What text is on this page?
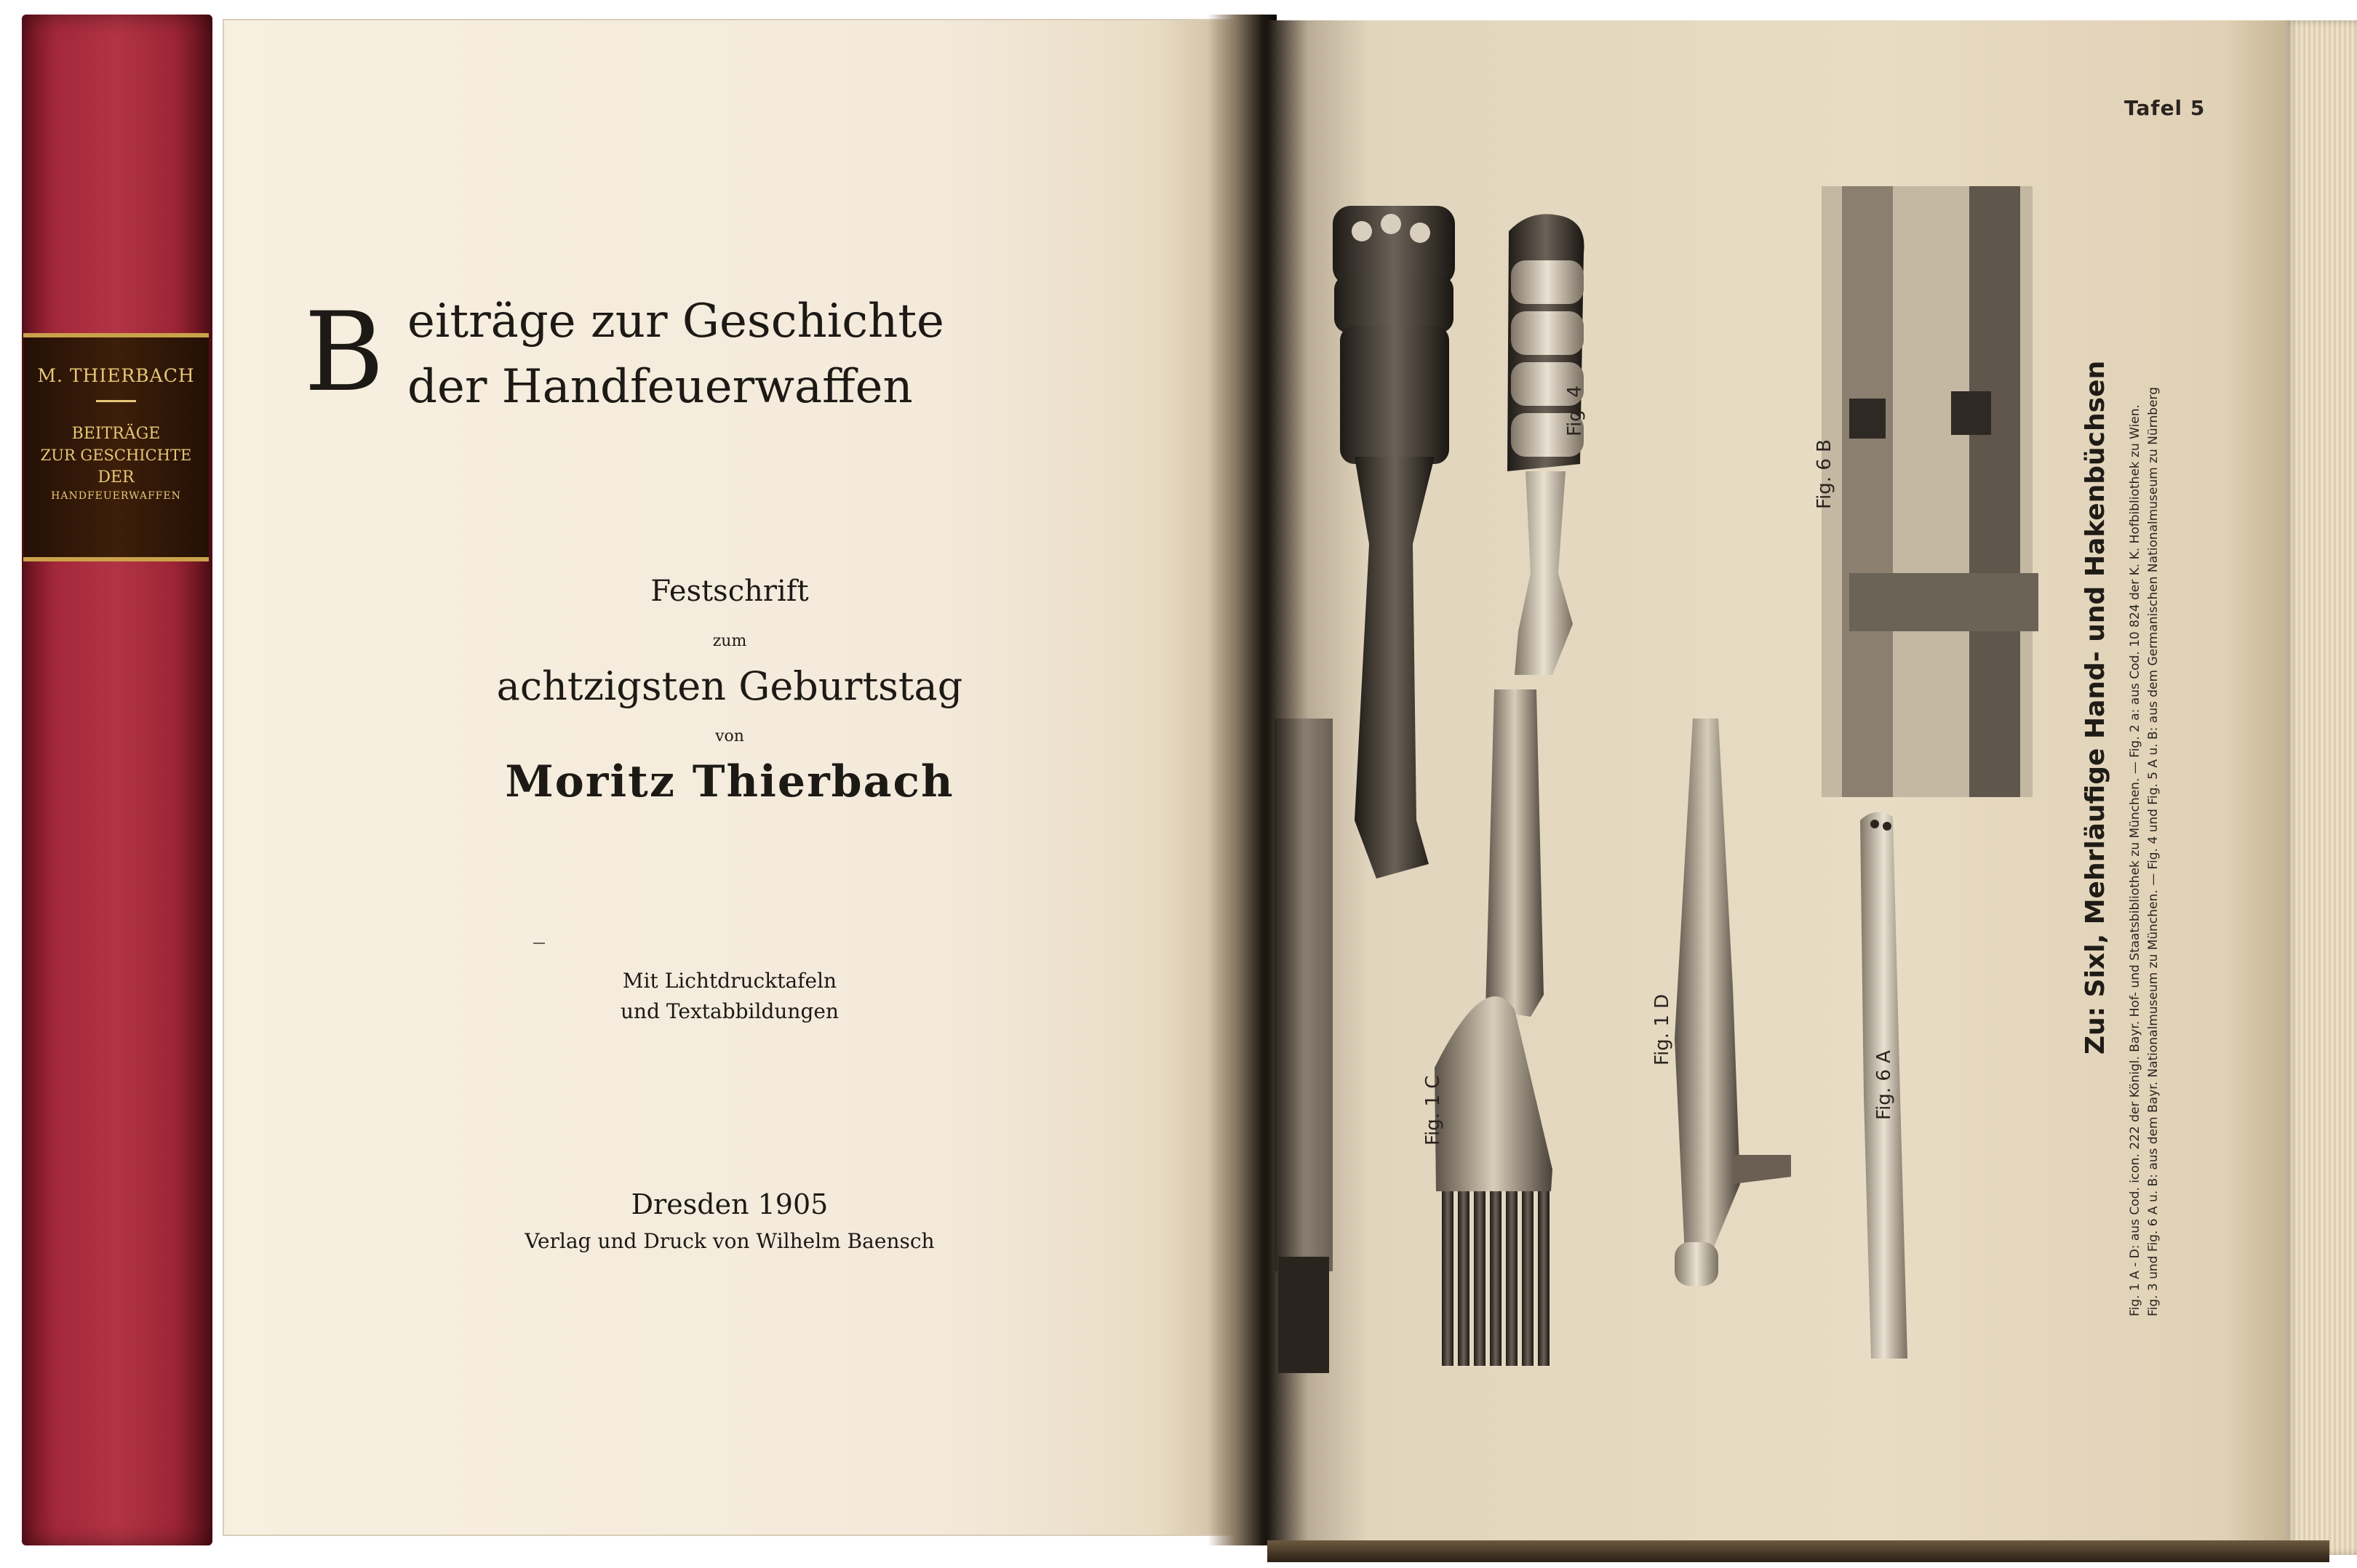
M. THIERBACH
BEITRÄGE
ZUR GESCHICHTE
DER
HANDFEUERWAFFEN
B eiträge zur Geschichte
der Handfeuerwaffen
Festschrift
zum
achtzigsten Geburtstag
von
Moritz Thierbach
Mit Lichtdrucktafeln
und Textabbildungen
Dresden 1905
Verlag und Druck von Wilhelm Baensch
Tafel 5
Fig. 1 C
Fig. 1 D
Fig. 4
Fig. 6 A
Fig. 6 B	Zu: Sixl, Mehrläufige Hand- und Hakenbüchsen Fig. 1 A - D: aus Cod. icon. 222 der Königl. Bayr. Hof- und Staatsbibliothek zu München. — Fig. 2 a: aus Cod. 10 824 der K. K. Hofbibliothek zu Wien. Fig. 3 und Fig. 6 A u. B: aus dem Bayr. Nationalmuseum zu München. — Fig. 4 und Fig. 5 A u. B: aus dem Germanischen Nationalmuseum zu Nürnberg
